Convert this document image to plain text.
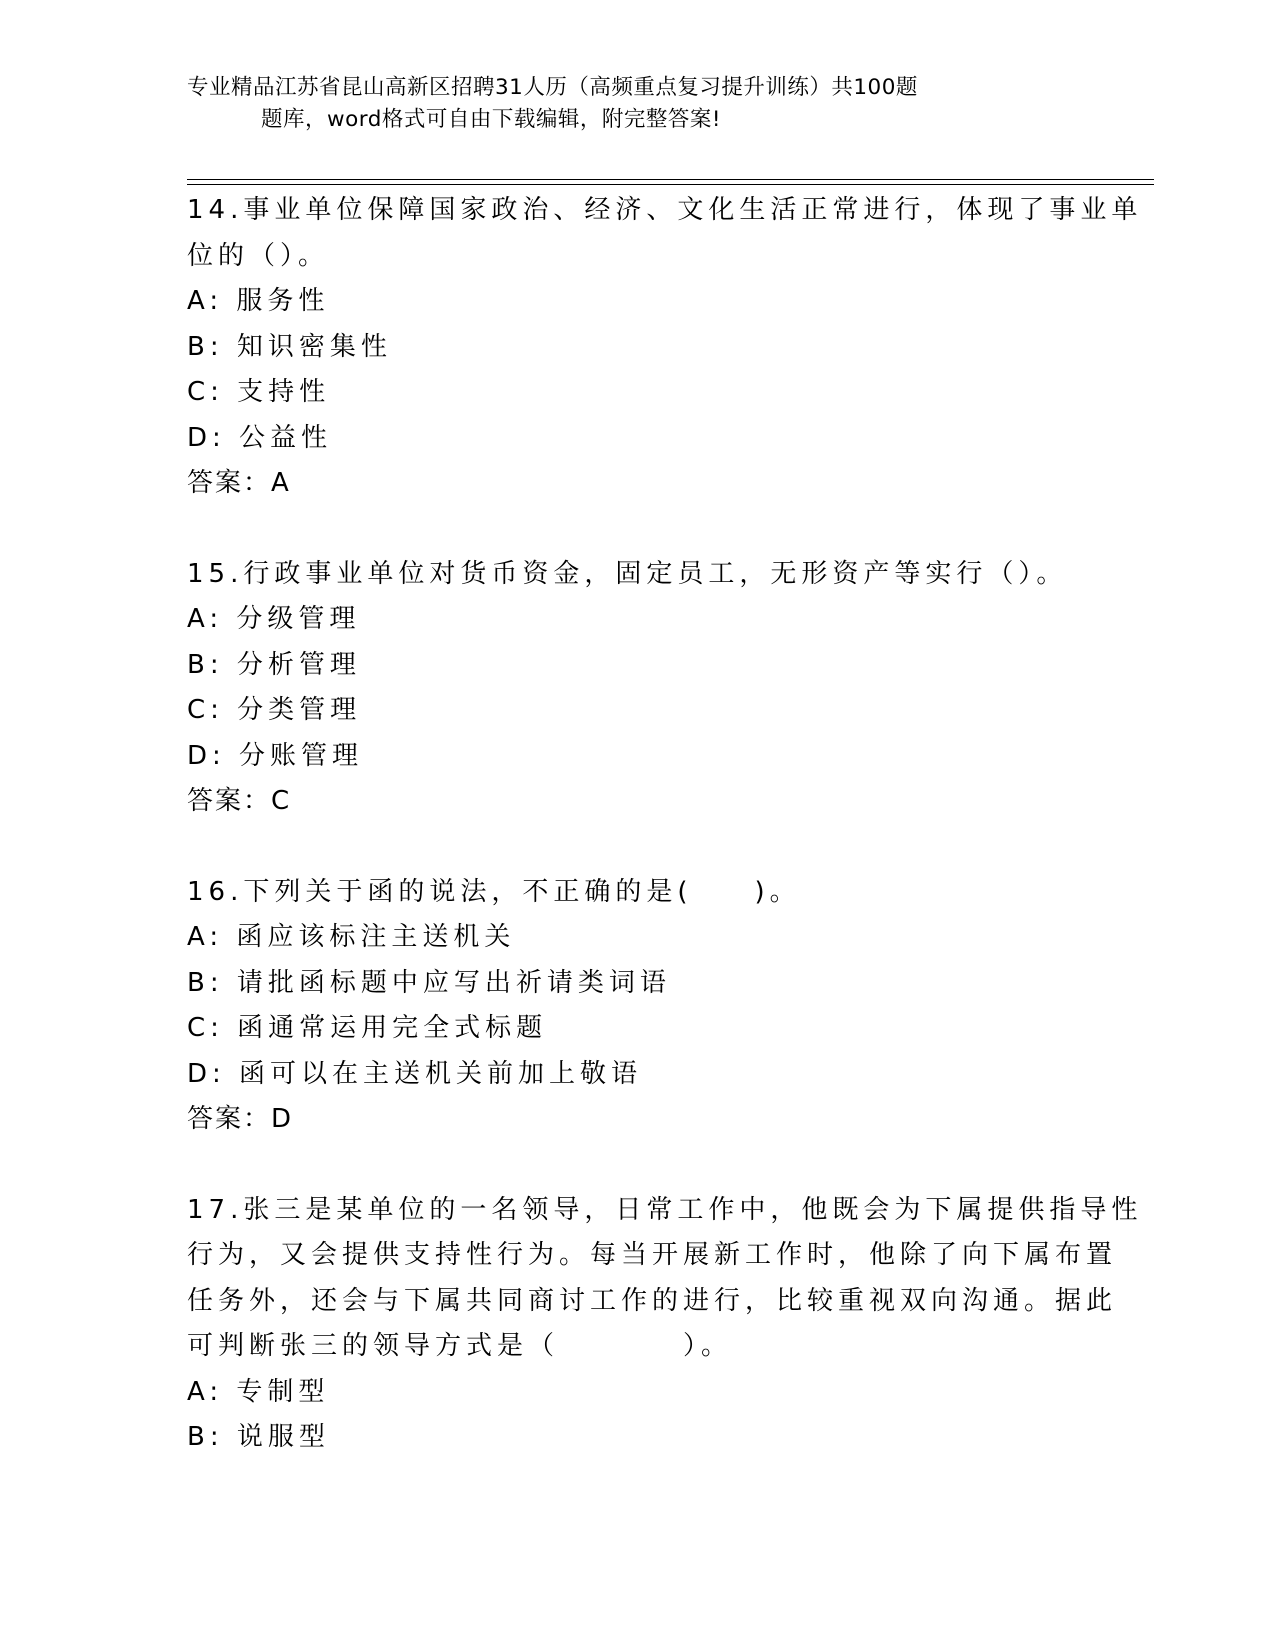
专业精品江苏省昆山高新区招聘31人历（高频重点复习提升训练）共100题
题库，word格式可自由下载编辑，附完整答案!
14.事业单位保障国家政治、经济、文化生活正常进行，体现了事业单
位的（）。
A: 服务性
B: 知识密集性
C: 支持性
D: 公益性
答案：A
15.行政事业单位对货币资金，固定员工，无形资产等实行（）。
A: 分级管理
B: 分析管理
C: 分类管理
D: 分账管理
答案：C
16.下列关于函的说法，不正确的是(　　)。
A: 函应该标注主送机关
B: 请批函标题中应写出祈请类词语
C: 函通常运用完全式标题
D: 函可以在主送机关前加上敬语
答案：D
17.张三是某单位的一名领导，日常工作中，他既会为下属提供指导性
行为，又会提供支持性行为。每当开展新工作时，他除了向下属布置
任务外，还会与下属共同商讨工作的进行，比较重视双向沟通。据此
可判断张三的领导方式是（　　　　）。
A: 专制型
B: 说服型
